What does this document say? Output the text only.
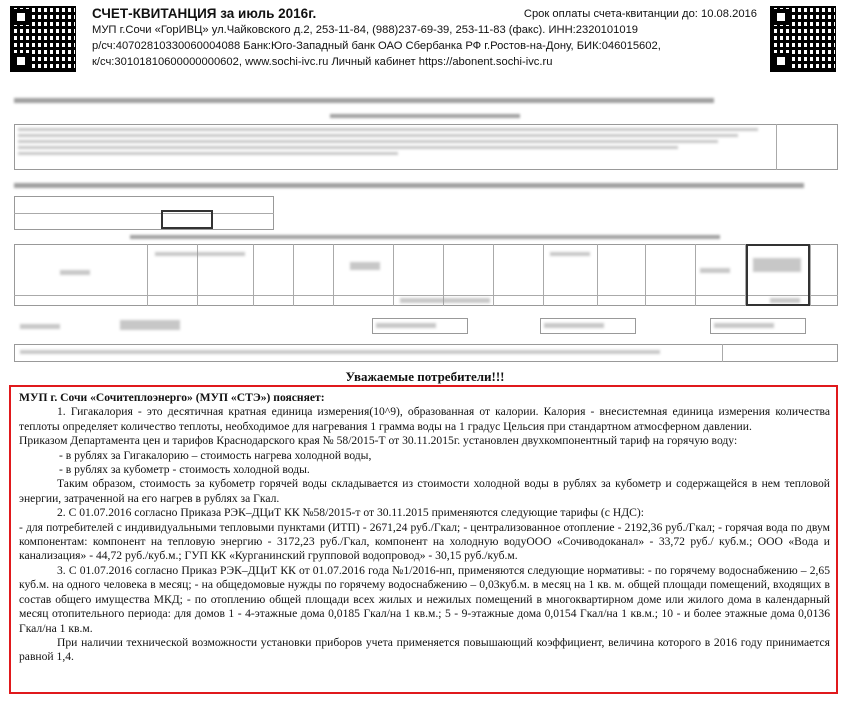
СЧЕТ-КВИТАНЦИЯ за июль 2016г.	Срок оплаты счета-квитанции до: 10.08.2016
МУП г.Сочи «ГорИВЦ» ул.Чайковского д.2, 253-11-84, (988)237-69-39, 253-11-83 (факс). ИНН:2320101019
р/сч:40702810330060004088 Банк:Юго-Западный банк ОАО Сбербанка РФ г.Ростов-на-Дону, БИК:046015602,
к/сч:30101810600000000602, www.sochi-ivc.ru Личный кабинет https://abonent.sochi-ivc.ru
Уважаемые потребители!!!

МУП г. Сочи «Сочитеплоэнерго» (МУП «СТЭ») поясняет:

1. Гигакалория - это десятичная кратная единица измерения(10^9), образованная от калории. Калория - внесистемная единица измерения количества теплоты определяет количество теплоты, необходимое для нагревания 1 грамма воды на 1 градус Цельсия при стандартном атмосферном давлении.

Приказом Департамента цен и тарифов Краснодарского края № 58/2015-Т от 30.11.2015г. установлен двухкомпонентный тариф на горячую воду:

- в рублях за Гигакалорию – стоимость нагрева холодной воды,

- в рублях за кубометр - стоимость холодной воды.

Таким образом, стоимость за кубометр горячей воды складывается из стоимости холодной воды в рублях за кубометр и содержащейся в нем тепловой энергии, затраченной на его нагрев в рублях за Гкал.

2. С 01.07.2016 согласно Приказа РЭК–ДЦиТ КК №58/2015-т от 30.11.2015 применяются следующие тарифы (с НДС):

- для потребителей с индивидуальными тепловыми пунктами (ИТП) - 2671,24 руб./Гкал; - централизованное отопление - 2192,36 руб./Гкал; - горячая вода по двум компонентам: компонент на тепловую энергию - 3172,23 руб./Гкал, компонент на холодную водуООО «Сочиводоканал» - 33,72 руб./ куб.м.; ООО «Вода и канализация» - 44,72 руб./куб.м.; ГУП КК «Курганинский групповой водопровод» - 30,15 руб./куб.м.

3. С 01.07.2016 согласно Приказ РЭК–ДЦиТ КК от 01.07.2016 года №1/2016-нп, применяются следующие нормативы: - по горячему водоснабжению – 2,65 куб.м. на одного человека в месяц; - на общедомовые нужды по горячему водоснабжению – 0,03куб.м. в месяц на 1 кв. м. общей площади помещений, входящих в состав общего имущества МКД; - по отоплению общей площади всех жилых и нежилых помещений в многоквартирном доме или жилого дома в календарный месяц отопительного периода: для домов 1 - 4-этажные дома 0,0185 Гкал/на 1 кв.м.; 5 - 9-этажные дома 0,0154 Гкал/на 1 кв.м.; 10 - и более этажные дома 0,0136 Гкал/на 1 кв.м.

При наличии технической возможности установки приборов учета применяется повышающий коэффициент, величина которого в 2016 году принимается равной 1,4.
